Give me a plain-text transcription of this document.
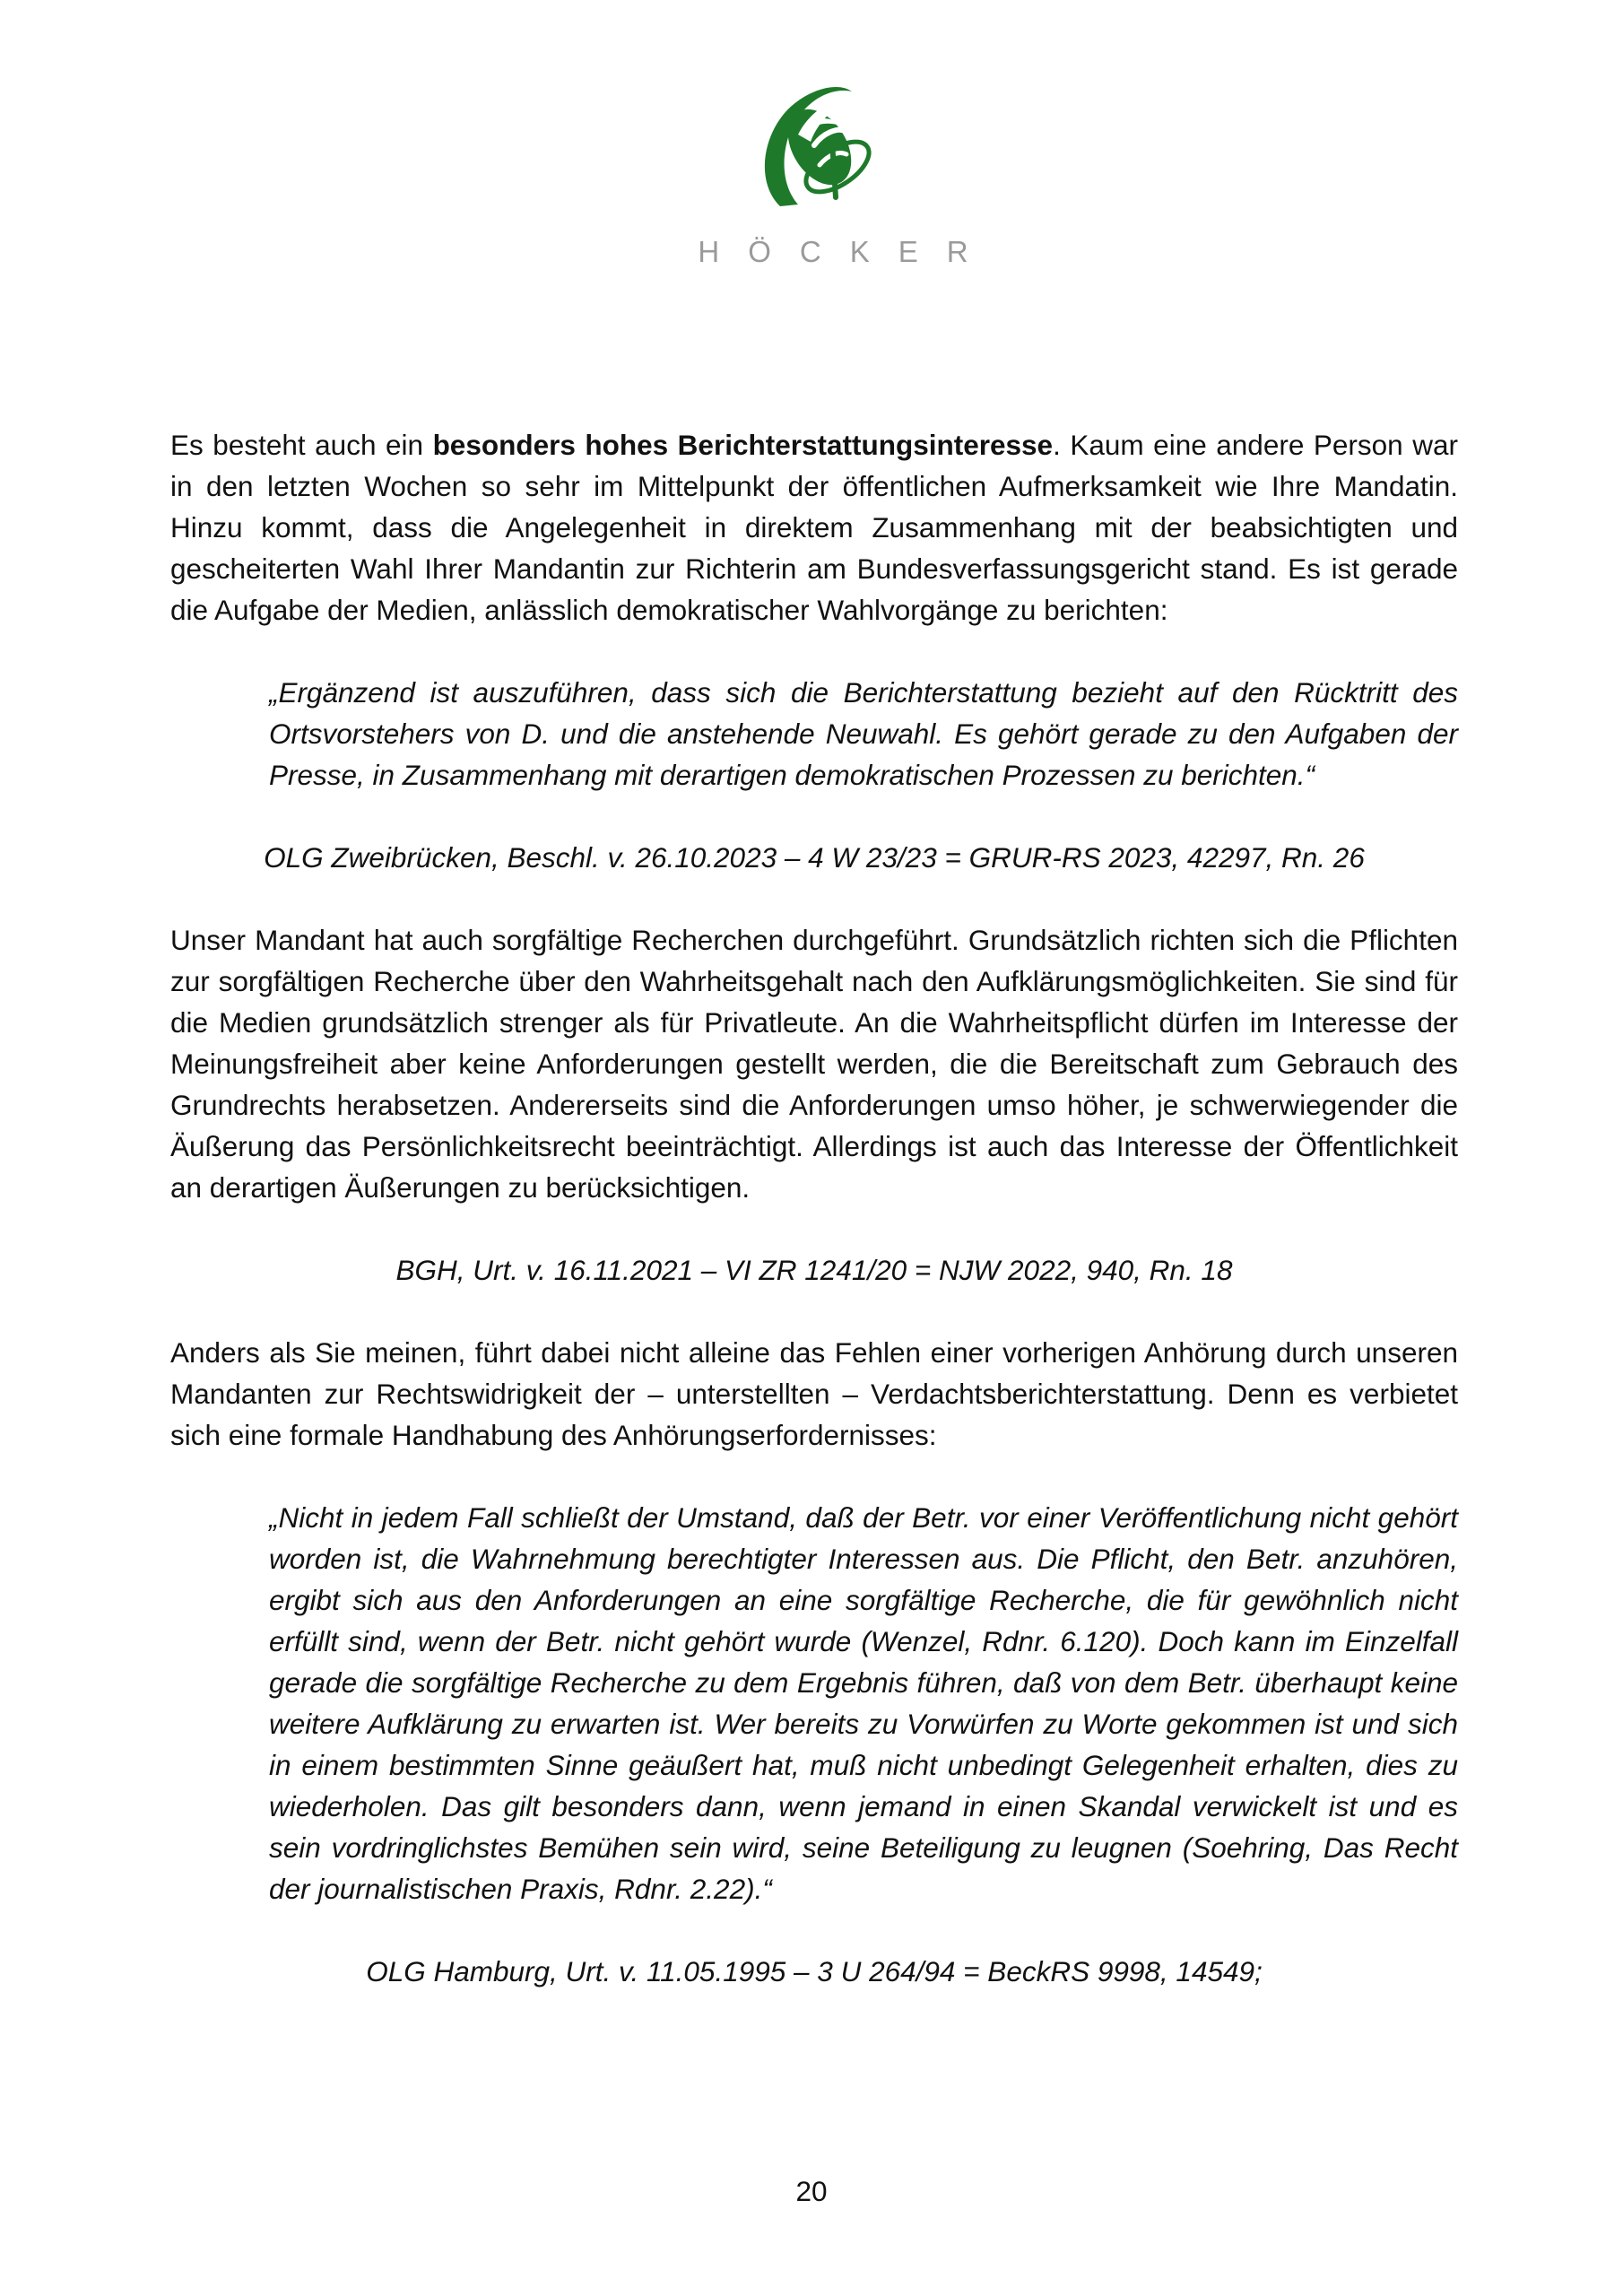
HÖCKER

Es besteht auch ein besonders hohes Berichterstattungsinteresse. Kaum eine andere Person war in den letzten Wochen so sehr im Mittelpunkt der öffentlichen Aufmerksamkeit wie Ihre Mandatin. Hinzu kommt, dass die Angelegenheit in direktem Zusammenhang mit der beabsichtigten und gescheiterten Wahl Ihrer Mandantin zur Richterin am Bundesverfassungsgericht stand. Es ist gerade die Aufgabe der Medien, anlässlich demokratischer Wahlvorgänge zu berichten:

„Ergänzend ist auszuführen, dass sich die Berichterstattung bezieht auf den Rücktritt des Ortsvorstehers von D. und die anstehende Neuwahl. Es gehört gerade zu den Aufgaben der Presse, in Zusammenhang mit derartigen demokratischen Prozessen zu berichten.“

OLG Zweibrücken, Beschl. v. 26.10.2023 – 4 W 23/23 = GRUR-RS 2023, 42297, Rn. 26

Unser Mandant hat auch sorgfältige Recherchen durchgeführt. Grundsätzlich richten sich die Pflichten zur sorgfältigen Recherche über den Wahrheitsgehalt nach den Aufklärungsmöglichkeiten. Sie sind für die Medien grundsätzlich strenger als für Privatleute. An die Wahrheitspflicht dürfen im Interesse der Meinungsfreiheit aber keine Anforderungen gestellt werden, die die Bereitschaft zum Gebrauch des Grundrechts herabsetzen. Andererseits sind die Anforderungen umso höher, je schwerwiegender die Äußerung das Persönlichkeitsrecht beeinträchtigt. Allerdings ist auch das Interesse der Öffentlichkeit an derartigen Äußerungen zu berücksichtigen.

BGH, Urt. v. 16.11.2021 – VI ZR 1241/20 = NJW 2022, 940, Rn. 18

Anders als Sie meinen, führt dabei nicht alleine das Fehlen einer vorherigen Anhörung durch unseren Mandanten zur Rechtswidrigkeit der – unterstellten – Verdachtsberichterstattung. Denn es verbietet sich eine formale Handhabung des Anhörungserfordernisses:

„Nicht in jedem Fall schließt der Umstand, daß der Betr. vor einer Veröffentlichung nicht gehört worden ist, die Wahrnehmung berechtigter Interessen aus. Die Pflicht, den Betr. anzuhören, ergibt sich aus den Anforderungen an eine sorgfältige Recherche, die für gewöhnlich nicht erfüllt sind, wenn der Betr. nicht gehört wurde (Wenzel, Rdnr. 6.120). Doch kann im Einzelfall gerade die sorgfältige Recherche zu dem Ergebnis führen, daß von dem Betr. überhaupt keine weitere Aufklärung zu erwarten ist. Wer bereits zu Vorwürfen zu Worte gekommen ist und sich in einem bestimmten Sinne geäußert hat, muß nicht unbedingt Gelegenheit erhalten, dies zu wiederholen. Das gilt besonders dann, wenn jemand in einen Skandal verwickelt ist und es sein vordringlichstes Bemühen sein wird, seine Beteiligung zu leugnen (Soehring, Das Recht der journalistischen Praxis, Rdnr. 2.22).“

OLG Hamburg, Urt. v. 11.05.1995 – 3 U 264/94 = BeckRS 9998, 14549;

20
